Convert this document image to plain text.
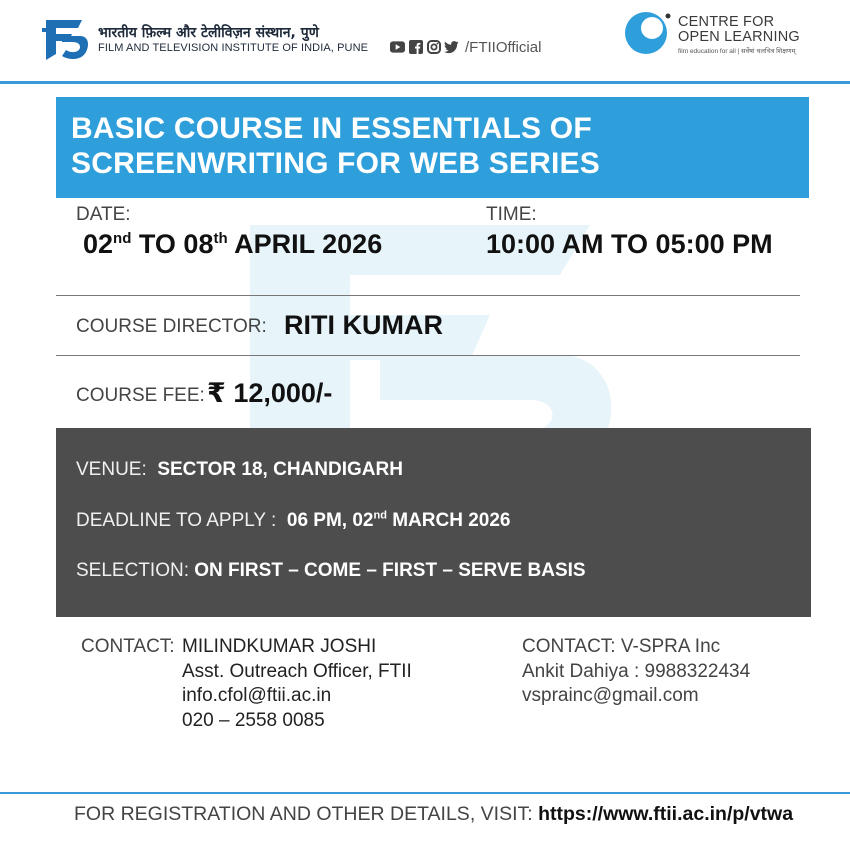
भारतीय फ़िल्म और टेलीविज़न संस्थान, पुणे
FILM AND TELEVISION INSTITUTE OF INDIA, PUNE	/FTIIOfficial
CENTRE FOR
OPEN LEARNING
film education for all | सर्वेषां चलचित्र शिक्षणम्
BASIC COURSE IN ESSENTIALS OF SCREENWRITING FOR WEB SERIES
DATE:
02nd TO 08th APRIL 2026
TIME:
10:00 AM TO 05:00 PM
COURSE DIRECTOR: RITI KUMAR
COURSE FEE: ₹ 12,000/-
VENUE: SECTOR 18, CHANDIGARH
DEADLINE TO APPLY : 06 PM, 02nd MARCH 2026
SELECTION: ON FIRST – COME – FIRST – SERVE BASIS
CONTACT: MILINDKUMAR JOSHI
Asst. Outreach Officer, FTII
info.cfol@ftii.ac.in
020 – 2558 0085
CONTACT: V-SPRA Inc
Ankit Dahiya : 9988322434
vsprainc@gmail.com
FOR REGISTRATION AND OTHER DETAILS, VISIT: https://www.ftii.ac.in/p/vtwa
